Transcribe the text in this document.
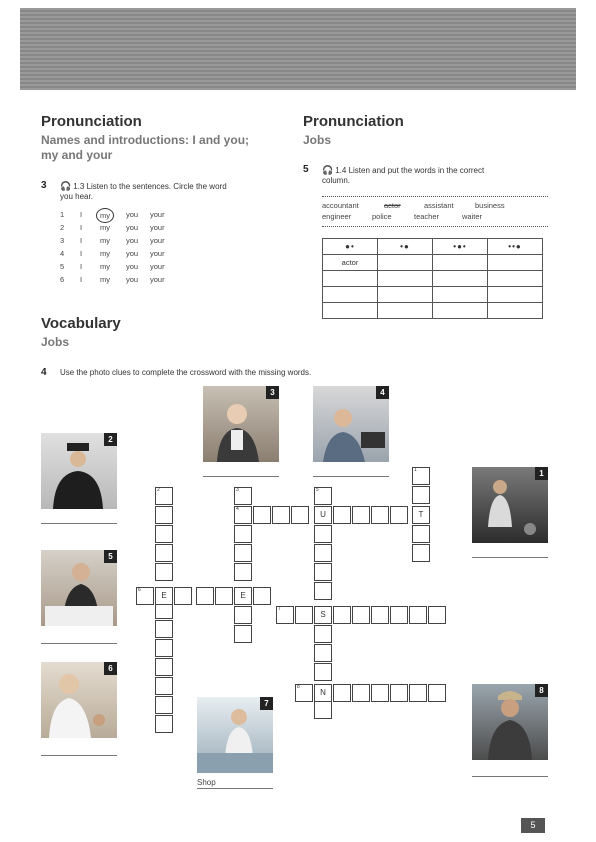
Pronunciation
Names and introductions: I and you;
my and your
3 🎧 1.3 Listen to the sentences. Circle the word
you hear.
1 I	my	you your
2 I my you your
3 I my you your
4 I my you your
5 I my you your
6 I my you your
Pronunciation
Jobs
5 🎧 1.4 Listen and put the words in the correct
column.
accountant	actor	assistant	business
engineer	police	teacher	waiter
●•	•●	•●•	••●
actor			

Vocabulary
Jobs
4 Use the photo clues to complete the crossword with the missing words.
3	4
2
1
5
6
7
Shop
8
2	3
4
U	T
5
1
6
E	E
7
S
8
N
5
